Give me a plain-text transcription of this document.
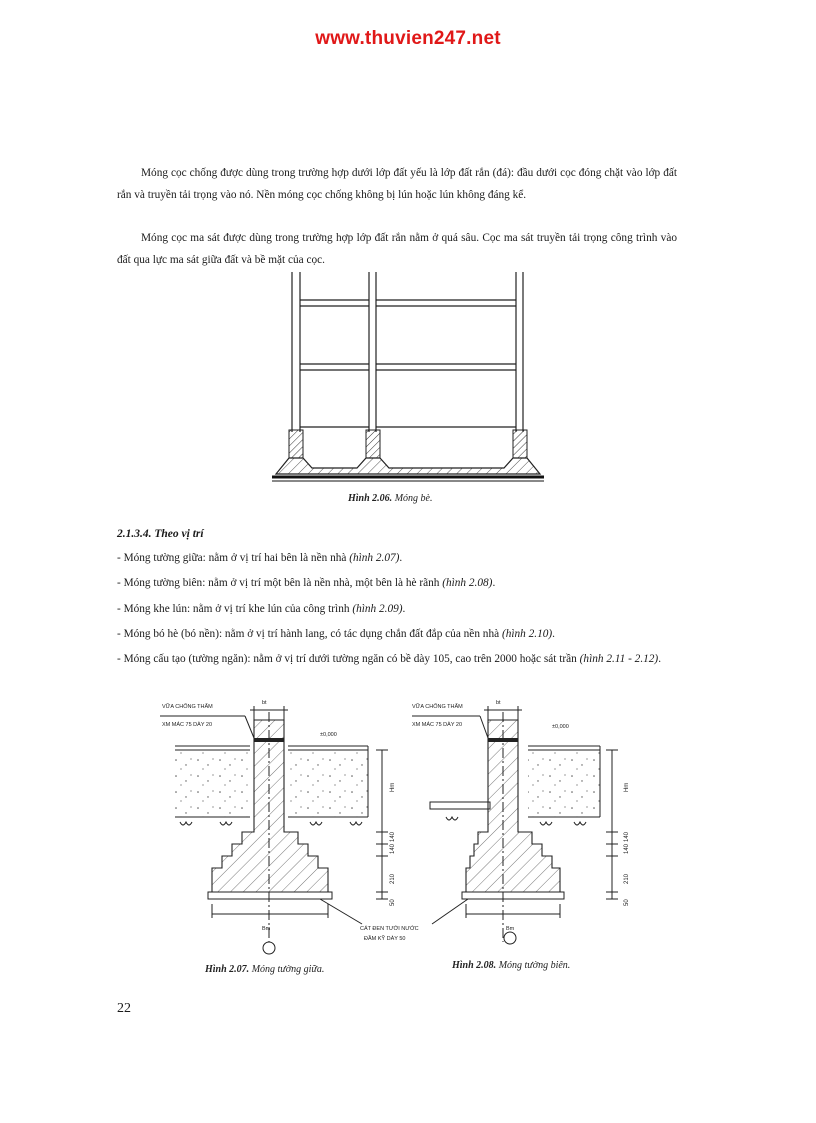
www.thuvien247.net

Móng cọc chống được dùng trong trường hợp dưới lớp đất yếu là lớp đất rắn (đá): đầu dưới cọc đóng chặt vào lớp đất rắn và truyền tải trọng vào nó. Nền móng cọc chống không bị lún hoặc lún không đáng kể.

Móng cọc ma sát được dùng trong trường hợp lớp đất rắn nằm ở quá sâu. Cọc ma sát truyền tải trọng công trình vào đất qua lực ma sát giữa đất và bề mặt của cọc.

Hình 2.06. Móng bè.
2.1.3.4. Theo vị trí

- Móng tường giữa: nằm ở vị trí hai bên là nền nhà (hình 2.07).

- Móng tường biên: nằm ở vị trí một bên là nền nhà, một bên là hè rãnh (hình 2.08).

- Móng khe lún: nằm ở vị trí khe lún của công trình (hình 2.09).

- Móng bó hè (bó nền): nằm ở vị trí hành lang, có tác dụng chắn đất đắp của nền nhà (hình 2.10).

- Móng cấu tạo (tường ngăn): nằm ở vị trí dưới tường ngăn có bề dày 105, cao trên 2000 hoặc sát trần (hình 2.11 - 2.12).

VỮA CHỐNG THẤM
XM MÁC 75 DÀY 20
bt
±0,000
Hm
140
140
210
50
Bm
VỮA CHỐNG THẤM
XM MÁC 75 DÀY 20
bt
±0,000
Hm
140
140
210
50
Bm
CÁT ĐEN TƯỚI NƯỚC
ĐẦM KỸ DÀY 50
Hình 2.07. Móng tường giữa.	Hình 2.08. Móng tường biên.
22
